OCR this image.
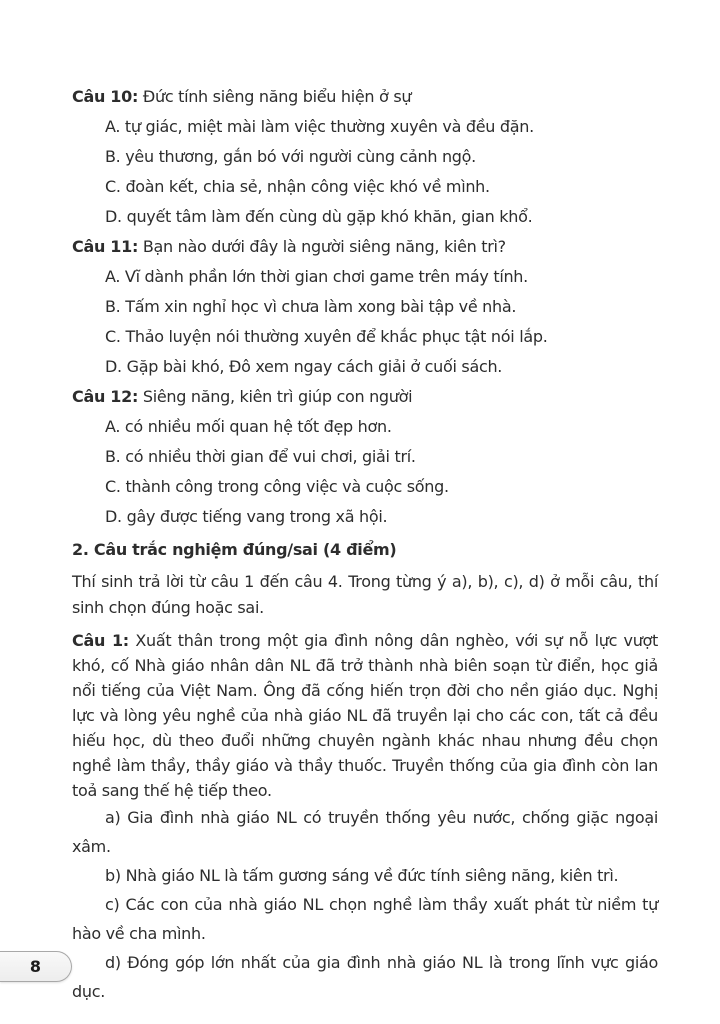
Câu 10: Đức tính siêng năng biểu hiện ở sự
A. tự giác, miệt mài làm việc thường xuyên và đều đặn.
B. yêu thương, gắn bó với người cùng cảnh ngộ.
C. đoàn kết, chia sẻ, nhận công việc khó về mình.
D. quyết tâm làm đến cùng dù gặp khó khăn, gian khổ.
Câu 11: Bạn nào dưới đây là người siêng năng, kiên trì?
A. Vĩ dành phần lớn thời gian chơi game trên máy tính.
B. Tấm xin nghỉ học vì chưa làm xong bài tập về nhà.
C. Thảo luyện nói thường xuyên để khắc phục tật nói lắp.
D. Gặp bài khó, Đô xem ngay cách giải ở cuối sách.
Câu 12: Siêng năng, kiên trì giúp con người
A. có nhiều mối quan hệ tốt đẹp hơn.
B. có nhiều thời gian để vui chơi, giải trí.
C. thành công trong công việc và cuộc sống.
D. gây được tiếng vang trong xã hội.
2. Câu trắc nghiệm đúng/sai (4 điểm)

Thí sinh trả lời từ câu 1 đến câu 4. Trong từng ý a), b), c), d) ở mỗi câu, thí sinh chọn đúng hoặc sai.

Câu 1: Xuất thân trong một gia đình nông dân nghèo, với sự nỗ lực vượt khó, cố Nhà giáo nhân dân NL đã trở thành nhà biên soạn từ điển, học giả nổi tiếng của Việt Nam. Ông đã cống hiến trọn đời cho nền giáo dục. Nghị lực và lòng yêu nghề của nhà giáo NL đã truyền lại cho các con, tất cả đều hiếu học, dù theo đuổi những chuyên ngành khác nhau nhưng đều chọn nghề làm thầy, thầy giáo và thầy thuốc. Truyền thống của gia đình còn lan toả sang thế hệ tiếp theo.

a) Gia đình nhà giáo NL có truyền thống yêu nước, chống giặc ngoại xâm.

b) Nhà giáo NL là tấm gương sáng về đức tính siêng năng, kiên trì.

c) Các con của nhà giáo NL chọn nghề làm thầy xuất phát từ niềm tự hào về cha mình.

d) Đóng góp lớn nhất của gia đình nhà giáo NL là trong lĩnh vực giáo dục.

8
